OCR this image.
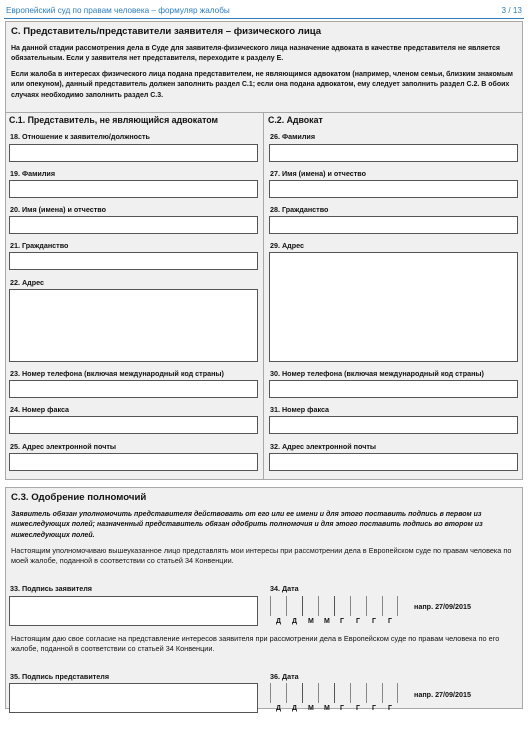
Европейский суд по правам человека – формуляр жалобы	3 / 13
C. Представитель/представители заявителя – физического лица
На данной стадии рассмотрения дела в Суде для заявителя-физического лица назначение адвоката в качестве представителя не является обязательным. Если у заявителя нет представителя, переходите к разделу Е.
Если жалоба в интересах физического лица подана представителем, не являющимся адвокатом (например, членом семьи, близким знакомым или опекуном), данный представитель должен заполнить раздел C.1; если она подана адвокатом, ему следует заполнить раздел C.2. В обоих случаях необходимо заполнить раздел C.3.
C.1. Представитель, не являющийся адвокатом	C.2. Адвокат
18. Отношение к заявителю/должность
19. Фамилия
20. Имя (имена) и отчество
21. Гражданство
22. Адрес
23. Номер телефона (включая международный код страны)
24. Номер факса
25. Адрес электронной почты
26. Фамилия
27. Имя (имена) и отчество
28. Гражданство
29. Адрес
30. Номер телефона (включая международный код страны)
31. Номер факса
32. Адрес электронной почты
C.3. Одобрение полномочий
Заявитель обязан уполномочить представителя действовать от его или ее имени и для этого поставить подпись в первом из нижеследующих полей; назначенный представитель обязан одобрить полномочия и для этого поставить подпись во втором из нижеследующих полей.
Настоящим уполномочиваю вышеуказанное лицо представлять мои интересы при рассмотрении дела в Европейском суде по правам человека по моей жалобе, поданной в соответствии со статьей 34 Конвенции.
Настоящим даю свое согласие на представление интересов заявителя при рассмотрении дела в Европейском суде по правам человека по его жалобе, поданной в соответствии со статьей 34 Конвенции.
33. Подпись заявителя	34. Дата
Д Д М М Г Г Г Г
напр. 27/09/2015
35. Подпись представителя	36. Дата
Д Д М М Г Г Г Г
напр. 27/09/2015
